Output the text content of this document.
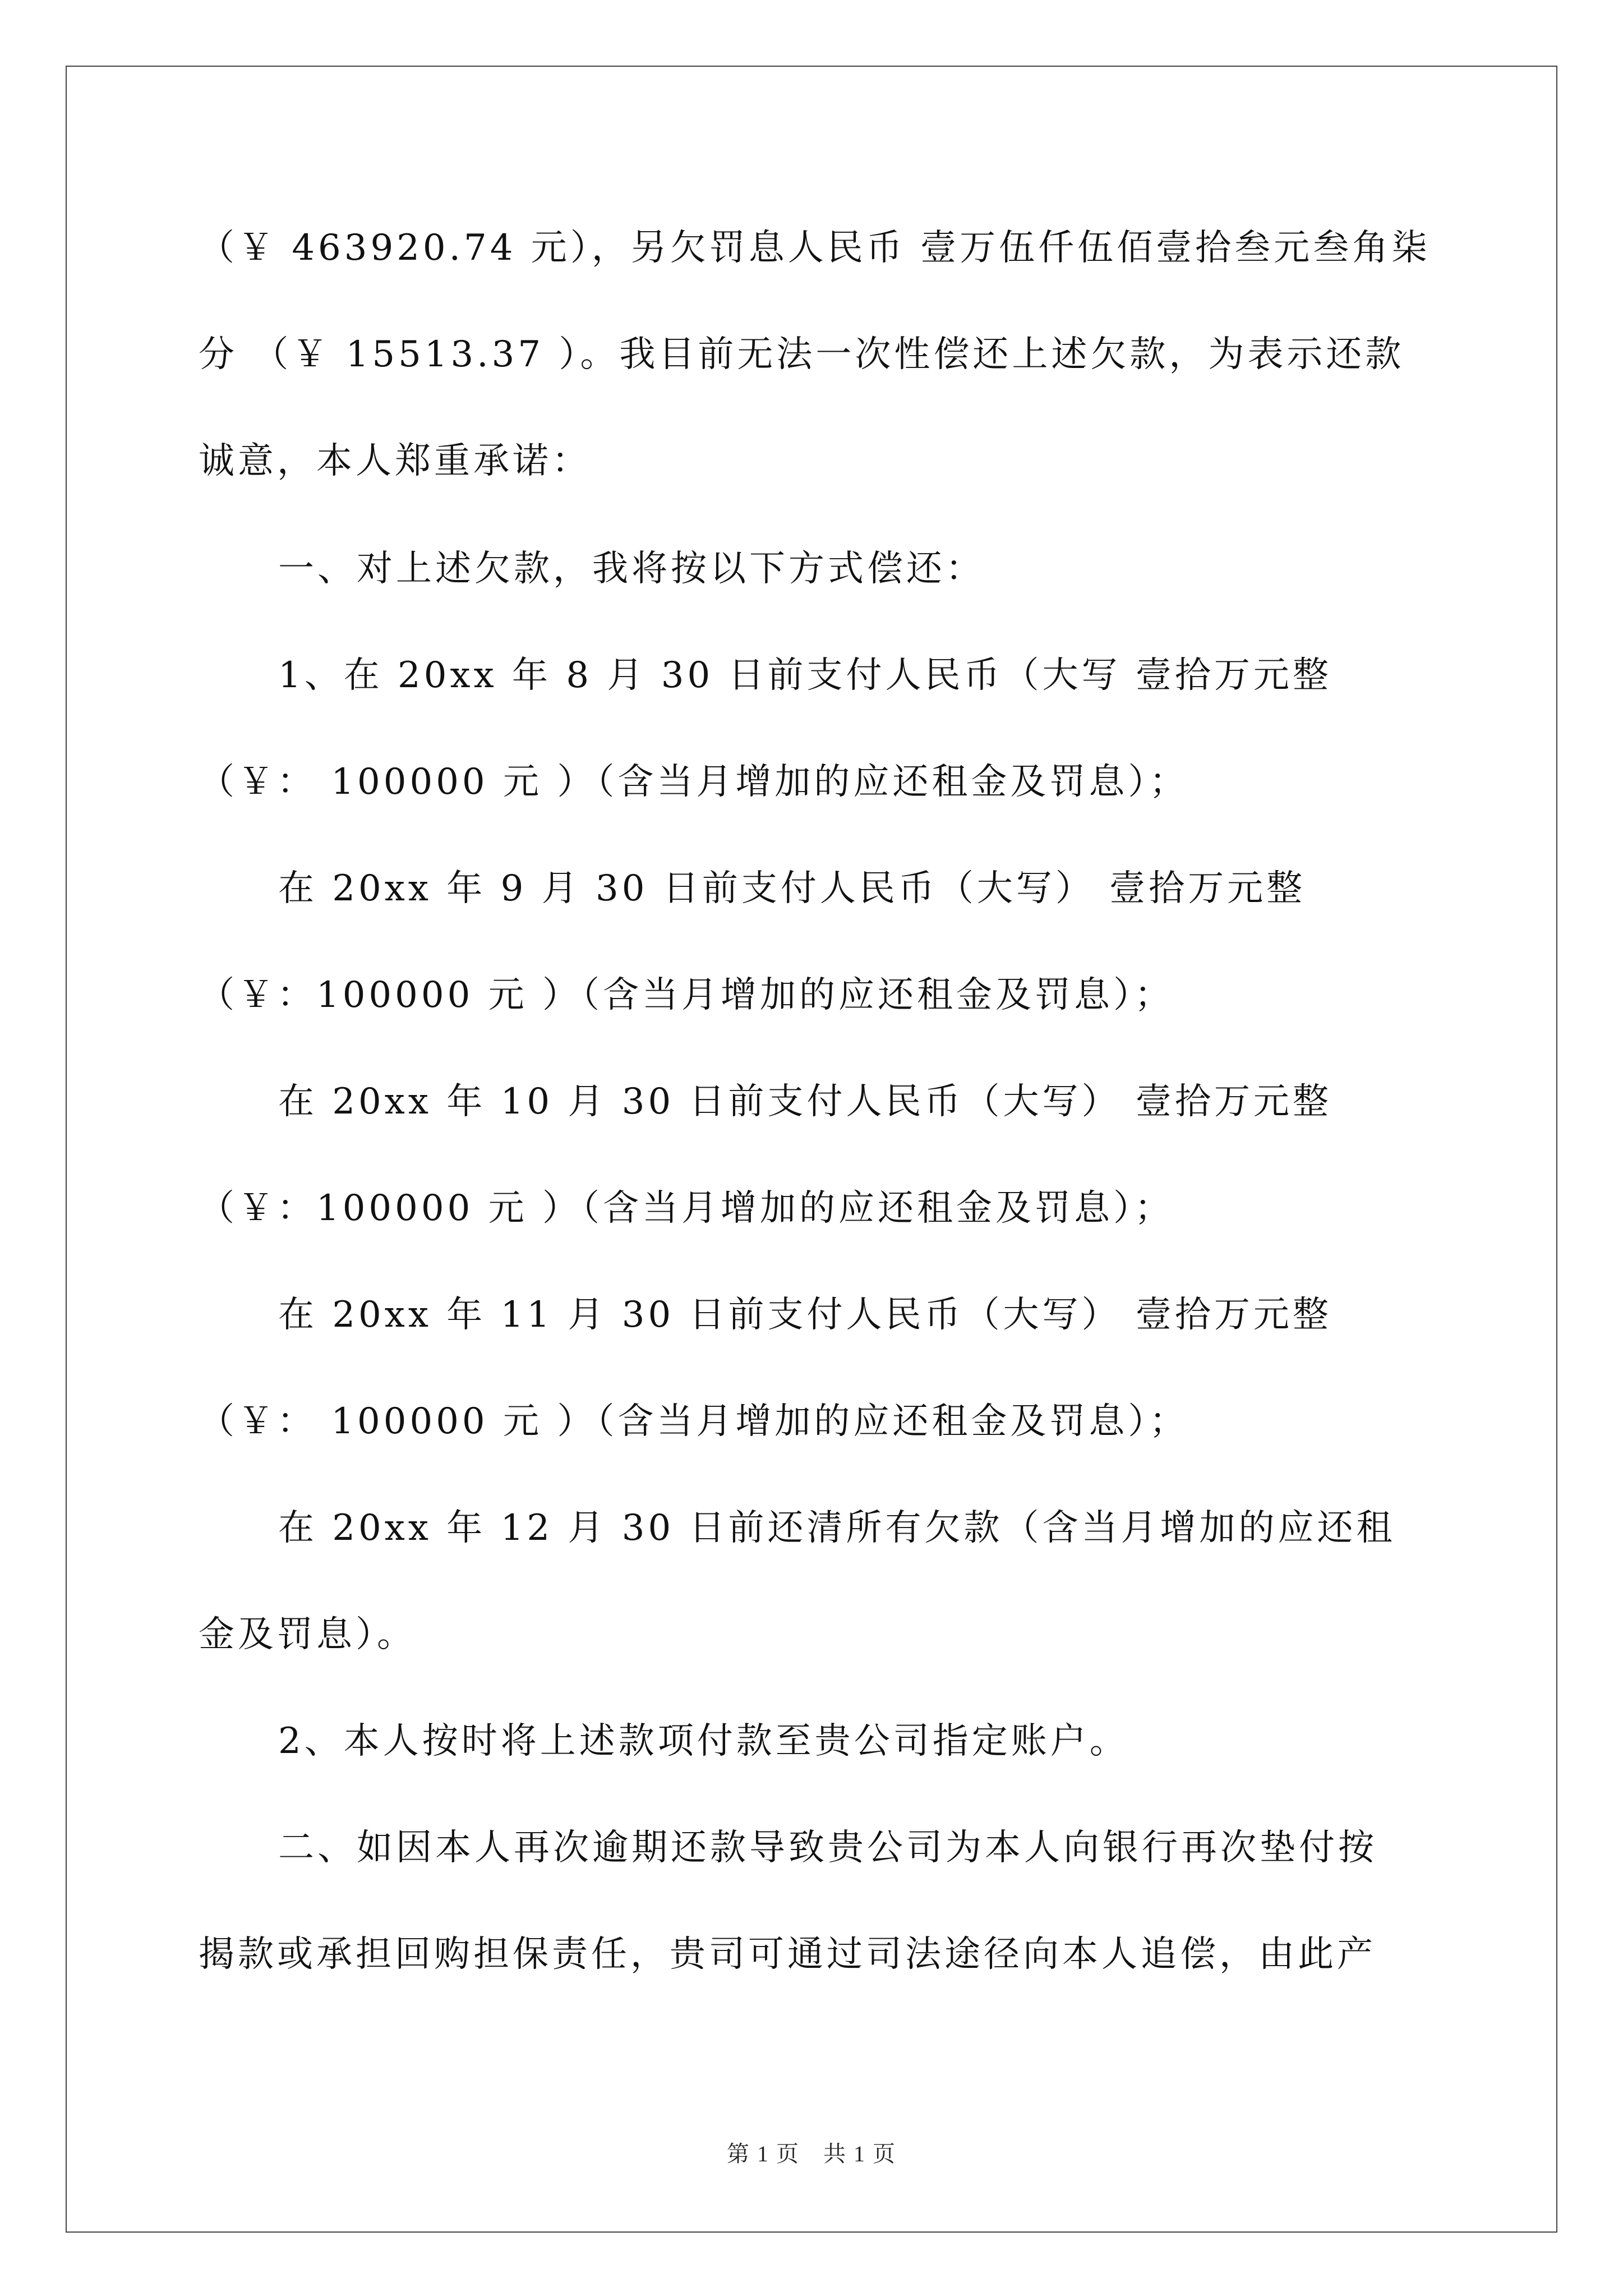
（￥ 463920.74 元），另欠罚息人民币 壹万伍仟伍佰壹拾叁元叁角柒
分 （￥ 15513.37 ）。我目前无法一次性偿还上述欠款，为表示还款
诚意，本人郑重承诺：
一、对上述欠款，我将按以下方式偿还：
1、在 20xx 年 8 月 30 日前支付人民币（大写 壹拾万元整
（￥： 100000 元 ）（含当月增加的应还租金及罚息）；
在 20xx 年 9 月 30 日前支付人民币（大写） 壹拾万元整
（￥：100000 元 ）（含当月增加的应还租金及罚息）；
在 20xx 年 10 月 30 日前支付人民币（大写） 壹拾万元整
（￥：100000 元 ）（含当月增加的应还租金及罚息）；
在 20xx 年 11 月 30 日前支付人民币（大写） 壹拾万元整
（￥： 100000 元 ）（含当月增加的应还租金及罚息）；
在 20xx 年 12 月 30 日前还清所有欠款（含当月增加的应还租
金及罚息）。
2、本人按时将上述款项付款至贵公司指定账户。
二、如因本人再次逾期还款导致贵公司为本人向银行再次垫付按
揭款或承担回购担保责任，贵司可通过司法途径向本人追偿，由此产
第 1 页　共 1 页
